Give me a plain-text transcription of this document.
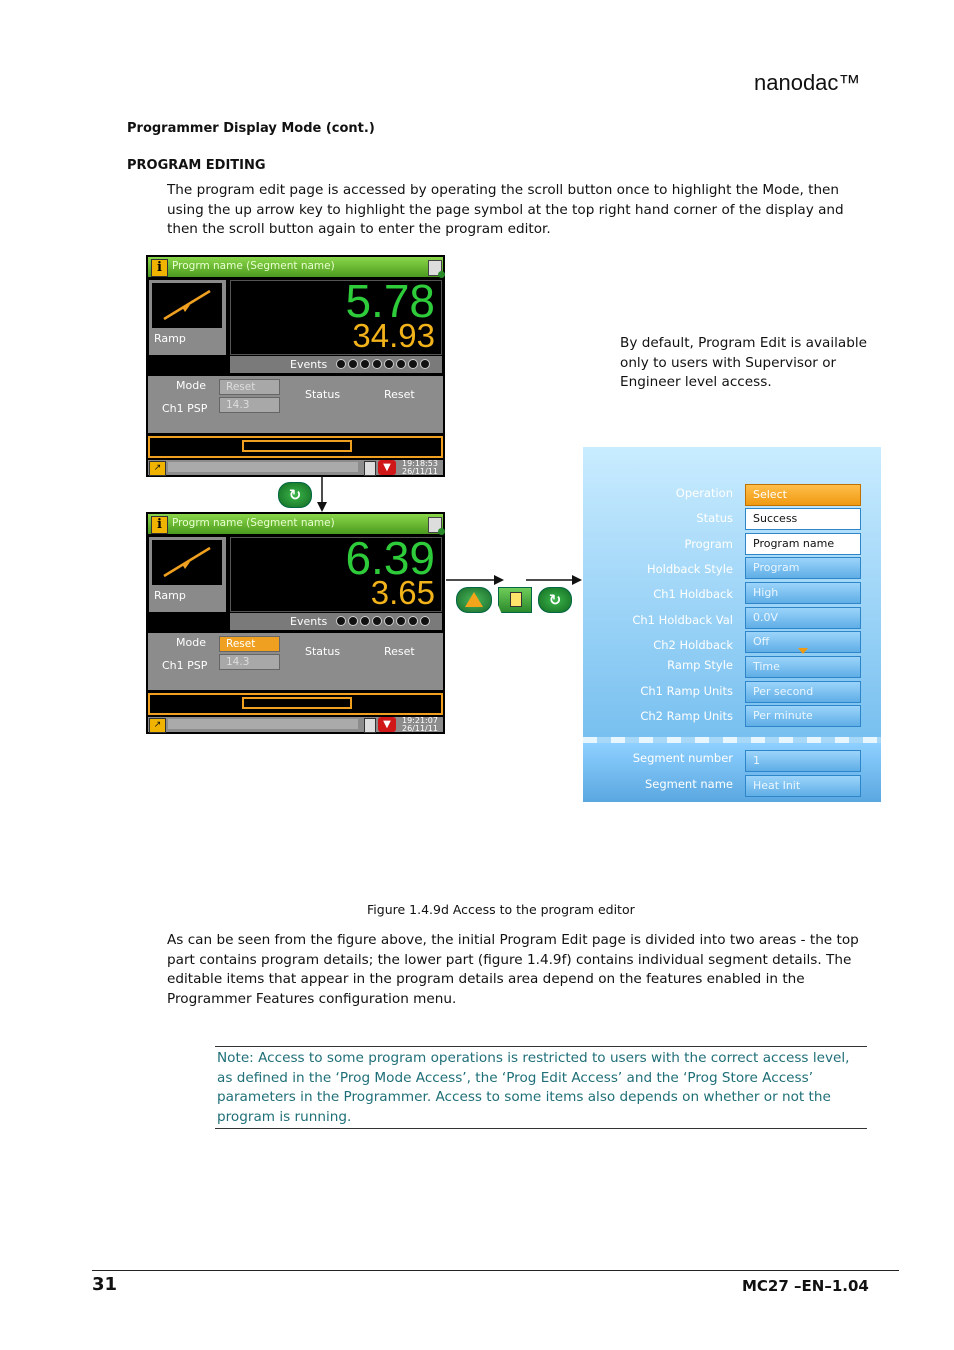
nanodac™
Programmer Display Mode (cont.)
PROGRAM EDITING
The program edit page is accessed by operating the scroll button once to highlight the Mode, then using the up arrow key to highlight the page symbol at the top right hand corner of the display and then the scroll button again to enter the program editor.
By default, Program Edit is available only to users with Supervisor or Engineer level access.
i Progrm name (Segment name)
Ramp
5.78
34.93
Events
Mode	Reset
Ch1 PSP	14.3
Status	Reset
↗	▼	19:18:53
26/11/11
↻
i Progrm name (Segment name)
Ramp
6.39
3.65
Events
Mode	Reset
Ch1 PSP	14.3
Status	Reset
↗	▼	19:21:07
26/11/11
↻
Operation	Select
Status	Success
Program	Program name
Holdback Style	Program
Ch1 Holdback	High
Ch1 Holdback Val	0.0V
Ch2 Holdback	Off
Ramp Style	Time
Ch1 Ramp Units	Per second
Ch2 Ramp Units	Per minute
Segment number	1
Segment name	Heat Init
Figure 1.4.9d Access to the program editor
As can be seen from the figure above, the initial Program Edit page is divided into two areas - the top part contains program details; the lower part (figure 1.4.9f) contains individual segment details. The editable items that appear in the program details area depend on the features enabled in the Programmer Features configuration menu.
Note: Access to some program operations is restricted to users with the correct access level, as defined in the ‘Prog Mode Access’, the ‘Prog Edit Access’ and the ‘Prog Store Access’ parameters in the Programmer. Access to some items also depends on whether or not the program is running.
31	MC27 –EN–1.04
